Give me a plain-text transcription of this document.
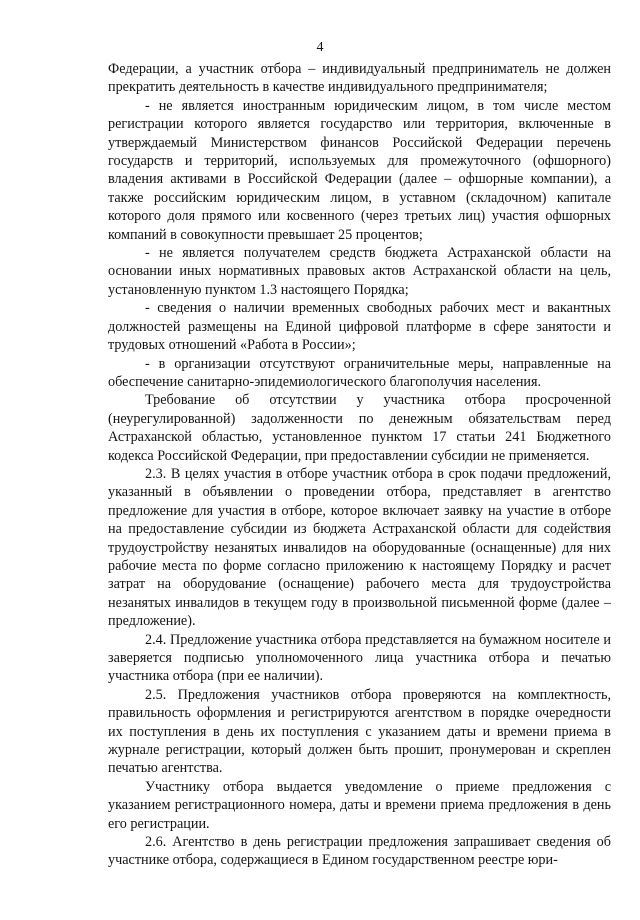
4

Федерации, а участник отбора – индивидуальный предприниматель не должен прекратить деятельность в качестве индивидуального предпринимателя;

- не является иностранным юридическим лицом, в том числе местом регистрации которого является государство или территория, включенные в утверждаемый Министерством финансов Российской Федерации перечень государств и территорий, используемых для промежуточного (офшорного) владения активами в Российской Федерации (далее – офшорные компании), а также российским юридическим лицом, в уставном (складочном) капитале которого доля прямого или косвенного (через третьих лиц) участия офшорных компаний в совокупности превышает 25 процентов;

- не является получателем средств бюджета Астраханской области на основании иных нормативных правовых актов Астраханской области на цель, установленную пунктом 1.3 настоящего Порядка;

- сведения о наличии временных свободных рабочих мест и вакантных должностей размещены на Единой цифровой платформе в сфере занятости и трудовых отношений «Работа в России»;

- в организации отсутствуют ограничительные меры, направленные на обеспечение санитарно-эпидемиологического благополучия населения.

Требование об отсутствии у участника отбора просроченной (неурегулированной) задолженности по денежным обязательствам перед Астраханской областью, установленное пунктом 17 статьи 241 Бюджетного кодекса Российской Федерации, при предоставлении субсидии не применяется.

2.3. В целях участия в отборе участник отбора в срок подачи предложений, указанный в объявлении о проведении отбора, представляет в агентство предложение для участия в отборе, которое включает заявку на участие в отборе на предоставление субсидии из бюджета Астраханской области для содействия трудоустройству незанятых инвалидов на оборудованные (оснащенные) для них рабочие места по форме согласно приложению к настоящему Порядку и расчет затрат на оборудование (оснащение) рабочего места для трудоустройства незанятых инвалидов в текущем году в произвольной письменной форме (далее – предложение).

2.4. Предложение участника отбора представляется на бумажном носителе и заверяется подписью уполномоченного лица участника отбора и печатью участника отбора (при ее наличии).

2.5. Предложения участников отбора проверяются на комплектность, правильность оформления и регистрируются агентством в порядке очередности их поступления в день их поступления с указанием даты и времени приема в журнале регистрации, который должен быть прошит, пронумерован и скреплен печатью агентства.

Участнику отбора выдается уведомление о приеме предложения с указанием регистрационного номера, даты и времени приема предложения в день его регистрации.

2.6. Агентство в день регистрации предложения запрашивает сведения об участнике отбора, содержащиеся в Едином государственном реестре юри-
